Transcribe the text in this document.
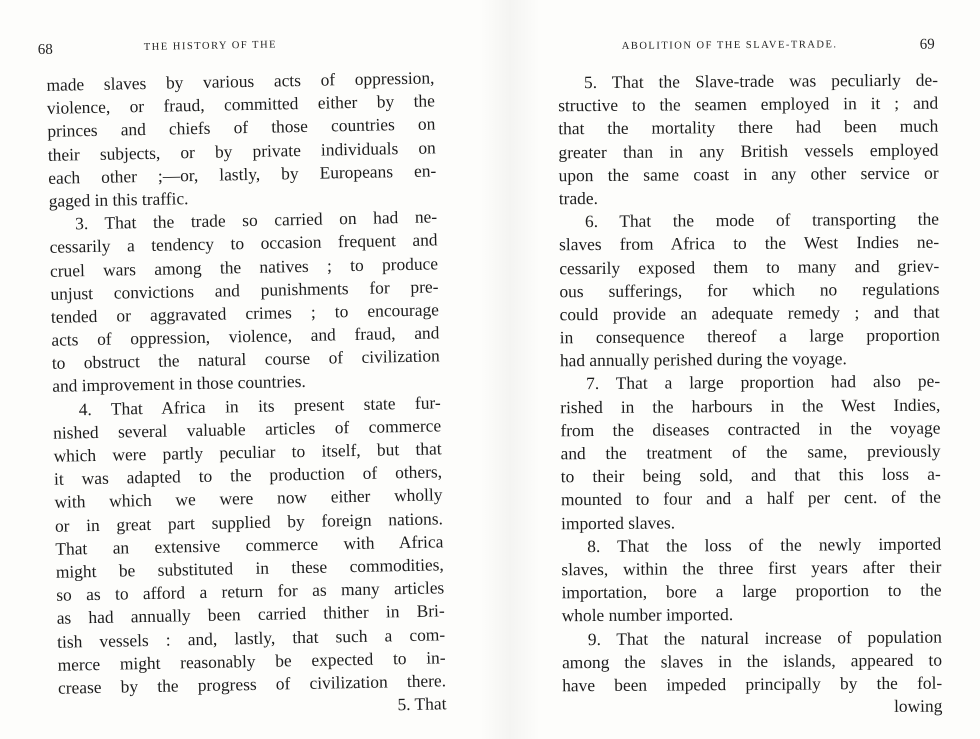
68	THE HISTORY OF THE
made slaves by various acts of oppression,
violence, or fraud, committed either by the
princes and chiefs of those countries on
their subjects, or by private individuals on
each other ;—or, lastly, by Europeans en-
gaged in this traffic.
3. That the trade so carried on had ne-
cessarily a tendency to occasion frequent and
cruel wars among the natives ; to produce
unjust convictions and punishments for pre-
tended or aggravated crimes ; to encourage
acts of oppression, violence, and fraud, and
to obstruct the natural course of civilization
and improvement in those countries.
4. That Africa in its present state fur-
nished several valuable articles of commerce
which were partly peculiar to itself, but that
it was adapted to the production of others,
with which we were now either wholly
or in great part supplied by foreign nations.
That an extensive commerce with Africa
might be substituted in these commodities,
so as to afford a return for as many articles
as had annually been carried thither in Bri-
tish vessels : and, lastly, that such a com-
merce might reasonably be expected to in-
crease by the progress of civilization there.
5. That
ABOLITION OF THE SLAVE-TRADE.	69
5. That the Slave-trade was peculiarly de-
structive to the seamen employed in it ; and
that the mortality there had been much
greater than in any British vessels employed
upon the same coast in any other service or
trade.
6. That the mode of transporting the
slaves from Africa to the West Indies ne-
cessarily exposed them to many and griev-
ous sufferings, for which no regulations
could provide an adequate remedy ; and that
in consequence thereof a large proportion
had annually perished during the voyage.
7. That a large proportion had also pe-
rished in the harbours in the West Indies,
from the diseases contracted in the voyage
and the treatment of the same, previously
to their being sold, and that this loss a-
mounted to four and a half per cent. of the
imported slaves.
8. That the loss of the newly imported
slaves, within the three first years after their
importation, bore a large proportion to the
whole number imported.
9. That the natural increase of population
among the slaves in the islands, appeared to
have been impeded principally by the fol-
lowing
